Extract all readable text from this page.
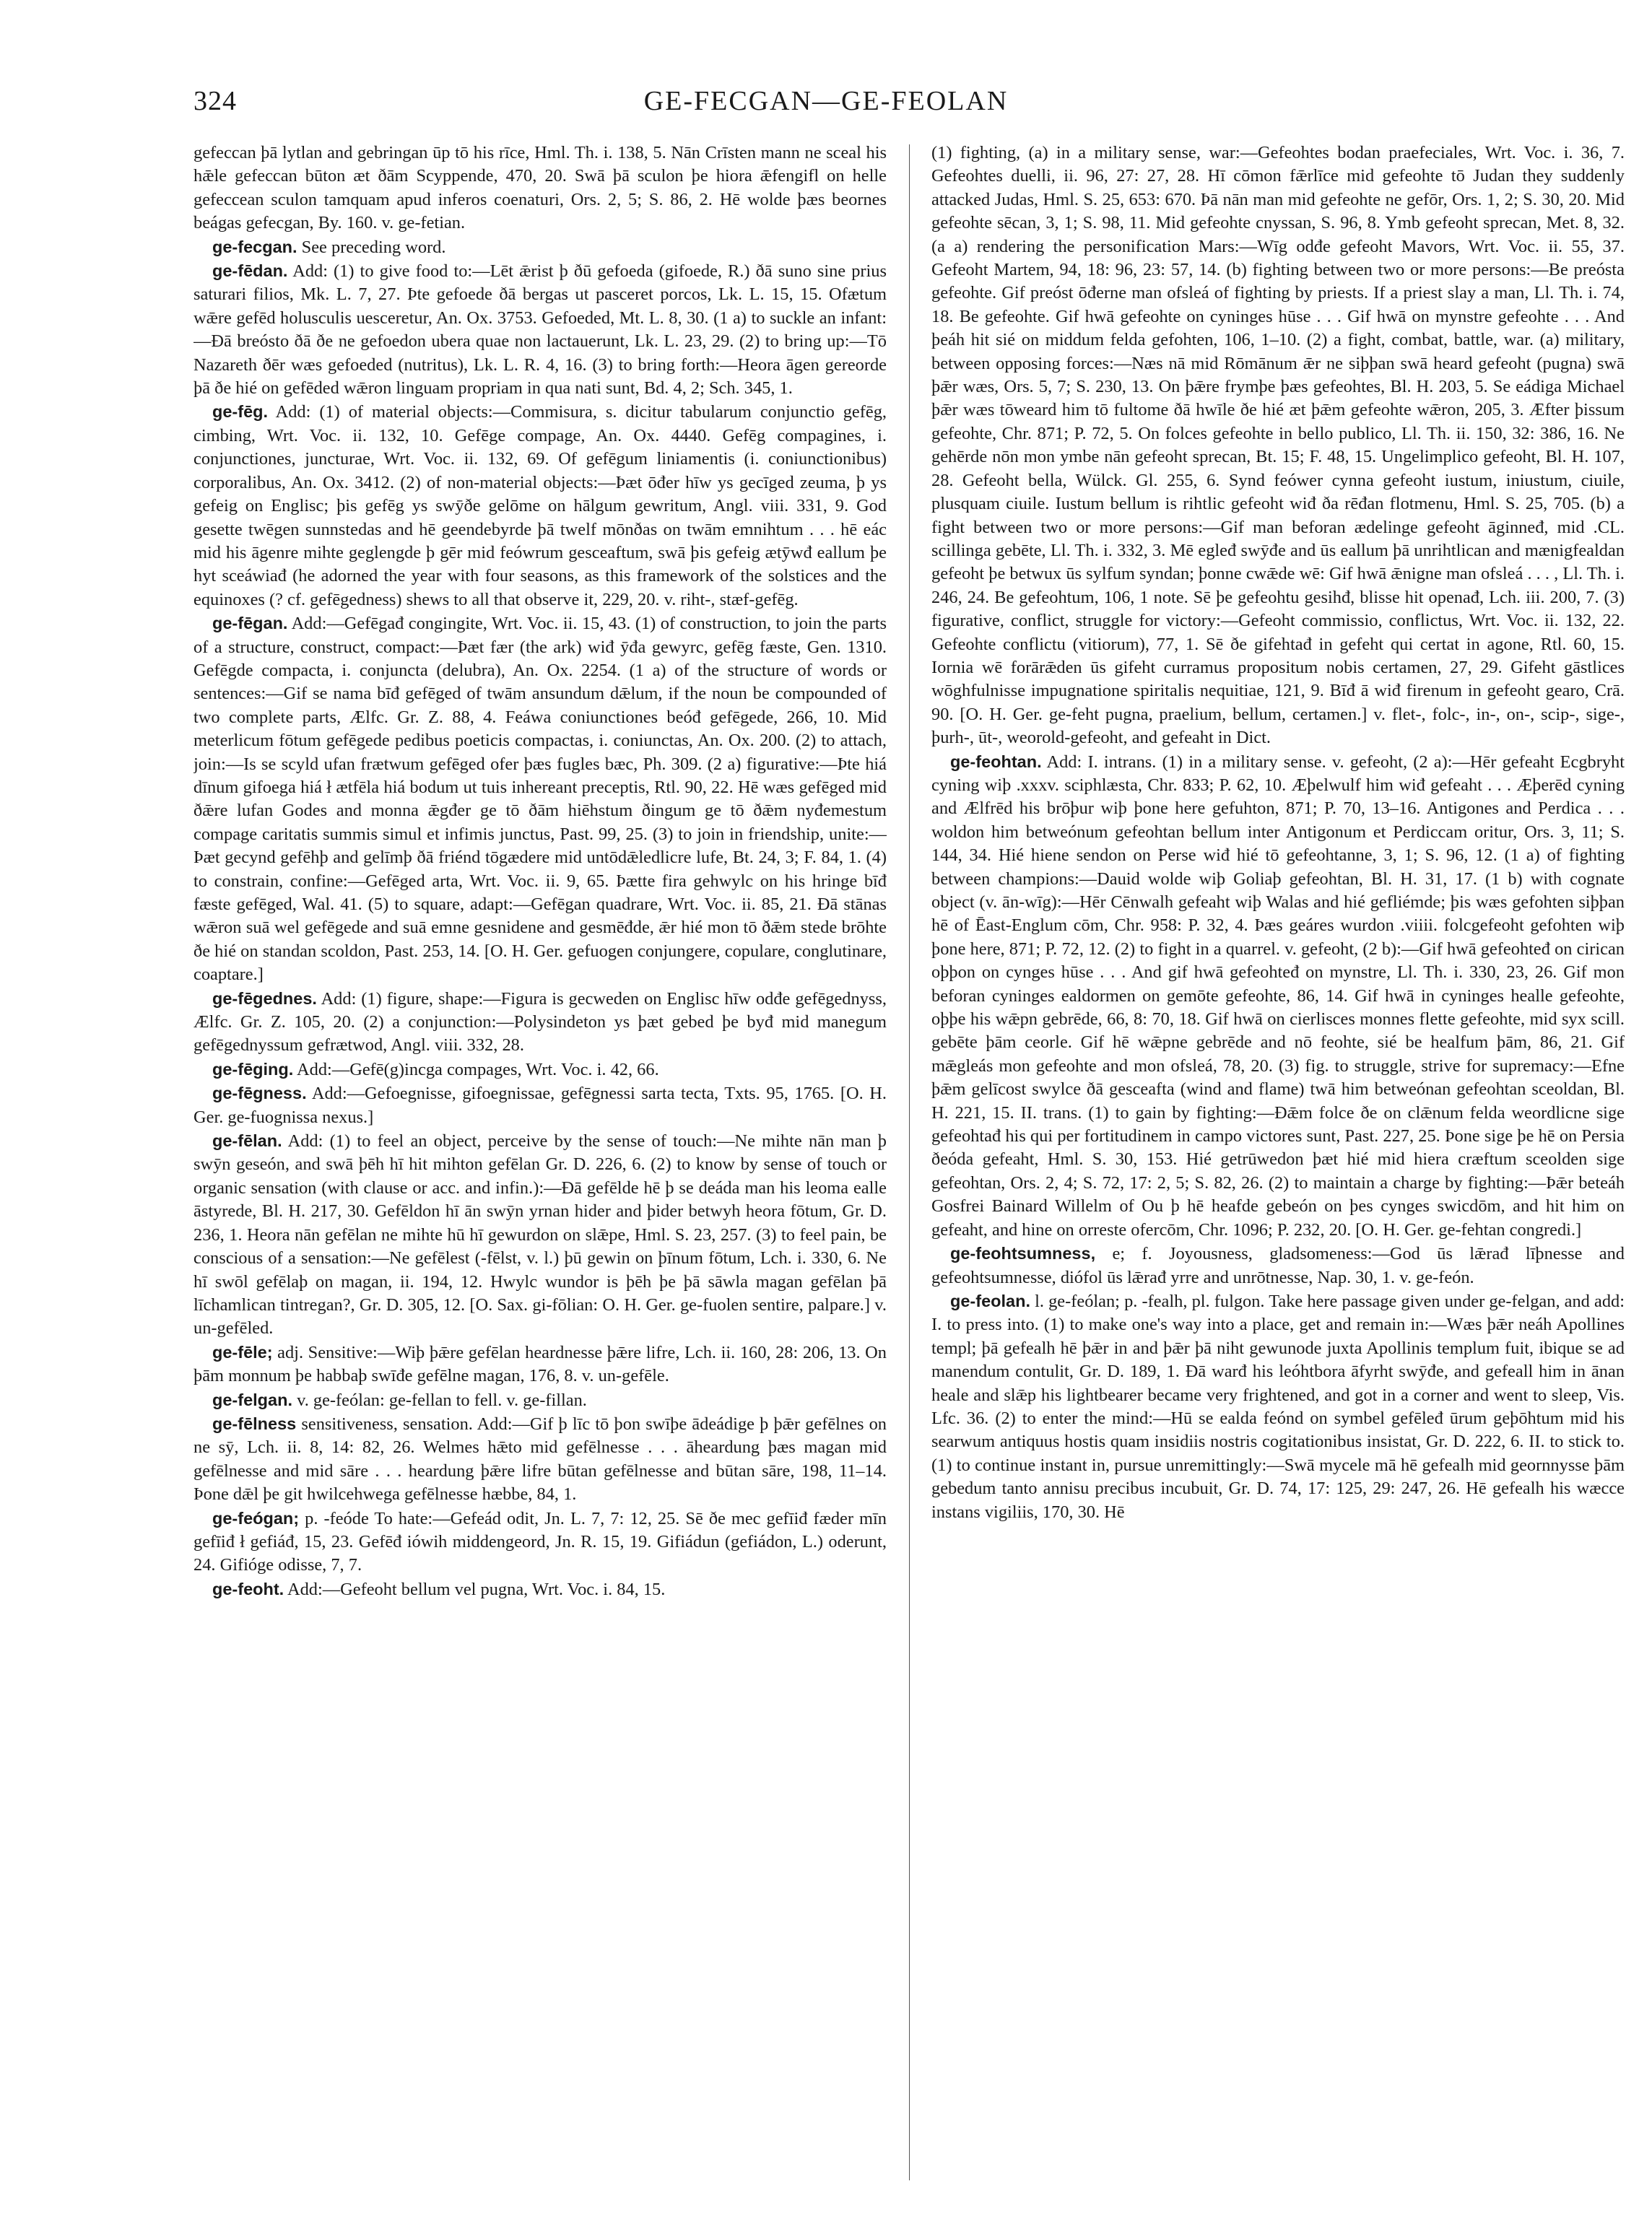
324	GE-FECGAN—GE-FEOLAN

gefeccan þā lytlan and gebringan ūp tō his rīce, Hml. Th. i. 138, 5. Nān Crīsten mann ne sceal his hǣle gefeccan būton æt ðām Scyppende, 470, 20. Swā þā sculon þe hiora ǣfengifl on helle gefeccean sculon tamquam apud inferos coenaturi, Ors. 2, 5; S. 86, 2. Hē wolde þæs beornes beágas gefecgan, By. 160. v. ge-fetian.

ge-fecgan. See preceding word.

ge-fēdan. Add: (1) to give food to:—Lēt ǣrist þ ðū gefoeda (gifoede, R.) ðā suno sine prius saturari filios, Mk. L. 7, 27. Þte gefoede ðā bergas ut pasceret porcos, Lk. L. 15, 15. Ofætum wǣre gefēd holusculis uesceretur, An. Ox. 3753. Gefoeded, Mt. L. 8, 30. (1 a) to suckle an infant:—Ðā breósto ðā ðe ne gefoedon ubera quae non lactauerunt, Lk. L. 23, 29. (2) to bring up:—Tō Nazareth ðēr wæs gefoeded (nutritus), Lk. L. R. 4, 16. (3) to bring forth:—Heora āgen gereorde þā ðe hié on gefēded wǣron linguam propriam in qua nati sunt, Bd. 4, 2; Sch. 345, 1.

ge-fēg. Add: (1) of material objects:—Commisura, s. dicitur tabularum conjunctio gefēg, cimbing, Wrt. Voc. ii. 132, 10. Gefēge compage, An. Ox. 4440. Gefēg compagines, i. conjunctiones, juncturae, Wrt. Voc. ii. 132, 69. Of gefēgum liniamentis (i. coniunctionibus) corporalibus, An. Ox. 3412. (2) of non-material objects:—Þæt ōđer hīw ys gecīged zeuma, þ ys gefeig on Englisc; þis gefēg ys swȳðe gelōme on hālgum gewritum, Angl. viii. 331, 9. God gesette twēgen sunnstedas and hē geendebyrde þā twelf mōnðas on twām emnihtum . . . hē eác mid his āgenre mihte geglengde þ gēr mid feówrum gesceaftum, swā þis gefeig ætȳwđ eallum þe hyt sceáwiađ (he adorned the year with four seasons, as this framework of the solstices and the equinoxes (? cf. gefēgedness) shews to all that observe it, 229, 20. v. riht-, stæf-gefēg.

ge-fēgan. Add:—Gefēgađ congingite, Wrt. Voc. ii. 15, 43. (1) of construction, to join the parts of a structure, construct, compact:—Þæt fær (the ark) wiđ ȳđa gewyrc, gefēg fæste, Gen. 1310. Gefēgde compacta, i. conjuncta (delubra), An. Ox. 2254. (1 a) of the structure of words or sentences:—Gif se nama bīđ gefēged of twām ansundum dǣlum, if the noun be compounded of two complete parts, Ælfc. Gr. Z. 88, 4. Feáwa coniunctiones beóđ gefēgede, 266, 10. Mid meterlicum fōtum gefēgede pedibus poeticis compactas, i. coniunctas, An. Ox. 200. (2) to attach, join:—Is se scyld ufan frætwum gefēged ofer þæs fugles bæc, Ph. 309. (2 a) figurative:—Þte hiá dīnum gifoega hiá ł ætfēla hiá bodum ut tuis inhereant preceptis, Rtl. 90, 22. Hē wæs gefēged mid ðǣre lufan Godes and monna ǣgđer ge tō ðām hiēhstum ðingum ge tō ðǣm nyđemestum compage caritatis summis simul et infimis junctus, Past. 99, 25. (3) to join in friendship, unite:—Þæt gecynd gefēhþ and gelīmþ ðā friénd tōgædere mid untōdǣledlicre lufe, Bt. 24, 3; F. 84, 1. (4) to constrain, confine:—Gefēged arta, Wrt. Voc. ii. 9, 65. Þætte fira gehwylc on his hringe bīđ fæste gefēged, Wal. 41. (5) to square, adapt:—Gefēgan quadrare, Wrt. Voc. ii. 85, 21. Ðā stānas wǣron suā wel gefēgede and suā emne gesnidene and gesmēđde, ǣr hié mon tō ðǣm stede brōhte ðe hié on standan scoldon, Past. 253, 14. [O. H. Ger. gefuogen conjungere, copulare, conglutinare, coaptare.]

ge-fēgednes. Add: (1) figure, shape:—Figura is gecweden on Englisc hīw odđe gefēgednyss, Ælfc. Gr. Z. 105, 20. (2) a conjunction:—Polysindeton ys þæt gebed þe byđ mid manegum gefēgednyssum gefrætwod, Angl. viii. 332, 28.

ge-fēging. Add:—Gefē(g)incga compages, Wrt. Voc. i. 42, 66.

ge-fēgness. Add:—Gefoegnisse, gifoegnissae, gefēgnessi sarta tecta, Txts. 95, 1765. [O. H. Ger. ge-fuognissa nexus.]

ge-fēlan. Add: (1) to feel an object, perceive by the sense of touch:—Ne mihte nān man þ swȳn geseón, and swā þēh hī hit mihton gefēlan Gr. D. 226, 6. (2) to know by sense of touch or organic sensation (with clause or acc. and infin.):—Ðā gefēlde hē þ se deáda man his leoma ealle āstyrede, Bl. H. 217, 30. Gefēldon hī ān swȳn yrnan hider and þider betwyh heora fōtum, Gr. D. 236, 1. Heora nān gefēlan ne mihte hū hī gewurdon on slǣpe, Hml. S. 23, 257. (3) to feel pain, be conscious of a sensation:—Ne gefēlest (-fēlst, v. l.) þū gewin on þīnum fōtum, Lch. i. 330, 6. Ne hī swōl gefēlaþ on magan, ii. 194, 12. Hwylc wundor is þēh þe þā sāwla magan gefēlan þā līchamlican tintregan?, Gr. D. 305, 12. [O. Sax. gi-fōlian: O. H. Ger. ge-fuolen sentire, palpare.] v. un-gefēled.

ge-fēle; adj. Sensitive:—Wiþ þǣre gefēlan heardnesse þǣre lifre, Lch. ii. 160, 28: 206, 13. On þām monnum þe habbaþ swīđe gefēlne magan, 176, 8. v. un-gefēle.

ge-felgan. v. ge-feólan: ge-fellan to fell. v. ge-fillan.

ge-fēlness sensitiveness, sensation. Add:—Gif þ līc tō þon swīþe ādeádige þ þǣr gefēlnes on ne sȳ, Lch. ii. 8, 14: 82, 26. Welmes hǣto mid gefēlnesse . . . āheardung þæs magan mid gefēlnesse and mid sāre . . . heardung þǣre lifre būtan gefēlnesse and būtan sāre, 198, 11–14. Þone dǣl þe git hwilcehwega gefēlnesse hæbbe, 84, 1.

ge-feógan; p. -feóde To hate:—Gefeád odit, Jn. L. 7, 7: 12, 25. Sē ðe mec gefīiđ fæder mīn gefīiđ ł gefiáđ, 15, 23. Gefēđ iówih middengeord, Jn. R. 15, 19. Gifiádun (gefiádon, L.) oderunt, 24. Gifióge odisse, 7, 7.

ge-feoht. Add:—Gefeoht bellum vel pugna, Wrt. Voc. i. 84, 15.

(1) fighting, (a) in a military sense, war:—Gefeohtes bodan praefeciales, Wrt. Voc. i. 36, 7. Gefeohtes duelli, ii. 96, 27: 27, 28. Hī cōmon fǣrlīce mid gefeohte tō Judan they suddenly attacked Judas, Hml. S. 25, 653: 670. Þā nān man mid gefeohte ne gefōr, Ors. 1, 2; S. 30, 20. Mid gefeohte sēcan, 3, 1; S. 98, 11. Mid gefeohte cnyssan, S. 96, 8. Ymb gefeoht sprecan, Met. 8, 32. (a a) rendering the personification Mars:—Wīg odđe gefeoht Mavors, Wrt. Voc. ii. 55, 37. Gefeoht Martem, 94, 18: 96, 23: 57, 14. (b) fighting between two or more persons:—Be preósta gefeohte. Gif preóst ōđerne man ofsleá of fighting by priests. If a priest slay a man, Ll. Th. i. 74, 18. Be gefeohte. Gif hwā gefeohte on cyninges hūse . . . Gif hwā on mynstre gefeohte . . . And þeáh hit sié on middum felda gefohten, 106, 1–10. (2) a fight, combat, battle, war. (a) military, between opposing forces:—Næs nā mid Rōmānum ǣr ne siþþan swā heard gefeoht (pugna) swā þǣr wæs, Ors. 5, 7; S. 230, 13. On þǣre frymþe þæs gefeohtes, Bl. H. 203, 5. Se eádiga Michael þǣr wæs tōweard him tō fultome ðā hwīle ðe hié æt þǣm gefeohte wǣron, 205, 3. Æfter þissum gefeohte, Chr. 871; P. 72, 5. On folces gefeohte in bello publico, Ll. Th. ii. 150, 32: 386, 16. Ne gehērde nōn mon ymbe nān gefeoht sprecan, Bt. 15; F. 48, 15. Ungelimplico gefeoht, Bl. H. 107, 28. Gefeoht bella, Wülck. Gl. 255, 6. Synd feówer cynna gefeoht iustum, iniustum, ciuile, plusquam ciuile. Iustum bellum is rihtlic gefeoht wiđ ða rēđan flotmenu, Hml. S. 25, 705. (b) a fight between two or more persons:—Gif man beforan ædelinge gefeoht āginneđ, mid .CL. scillinga gebēte, Ll. Th. i. 332, 3. Mē egleđ swȳđe and ūs eallum þā unrihtlican and mænigfealdan gefeoht þe betwux ūs sylfum syndan; þonne cwǣde wē: Gif hwā ǣnigne man ofsleá . . . , Ll. Th. i. 246, 24. Be gefeohtum, 106, 1 note. Sē þe gefeohtu gesihđ, blisse hit openađ, Lch. iii. 200, 7. (3) figurative, conflict, struggle for victory:—Gefeoht commissio, conflictus, Wrt. Voc. ii. 132, 22. Gefeohte conflictu (vitiorum), 77, 1. Sē ðe gifehtađ in gefeht qui certat in agone, Rtl. 60, 15. Iornia wē forārǣden ūs gifeht curramus propositum nobis certamen, 27, 29. Gifeht gāstlices wōghfulnisse impugnatione spiritalis nequitiae, 121, 9. Bīđ ā wiđ firenum in gefeoht gearo, Crā. 90. [O. H. Ger. ge-feht pugna, praelium, bellum, certamen.] v. flet-, folc-, in-, on-, scip-, sige-, þurh-, ūt-, weorold-gefeoht, and gefeaht in Dict.

ge-feohtan. Add: I. intrans. (1) in a military sense. v. gefeoht, (2 a):—Hēr gefeaht Ecgbryht cyning wiþ .xxxv. sciphlæsta, Chr. 833; P. 62, 10. Æþelwulf him wiđ gefeaht . . . Æþerēd cyning and Ælfrēd his brōþur wiþ þone here gefuhton, 871; P. 70, 13–16. Antigones and Perdica . . . woldon him betweónum gefeohtan bellum inter Antigonum et Perdiccam oritur, Ors. 3, 11; S. 144, 34. Hié hiene sendon on Perse wiđ hié tō gefeohtanne, 3, 1; S. 96, 12. (1 a) of fighting between champions:—Dauid wolde wiþ Goliaþ gefeohtan, Bl. H. 31, 17. (1 b) with cognate object (v. ān-wīg):—Hēr Cēnwalh gefeaht wiþ Walas and hié gefliémde; þis wæs gefohten siþþan hē of Ēast-Englum cōm, Chr. 958: P. 32, 4. Þæs geáres wurdon .viiii. folcgefeoht gefohten wiþ þone here, 871; P. 72, 12. (2) to fight in a quarrel. v. gefeoht, (2 b):—Gif hwā gefeohteđ on cirican oþþon on cynges hūse . . . And gif hwā gefeohteđ on mynstre, Ll. Th. i. 330, 23, 26. Gif mon beforan cyninges ealdormen on gemōte gefeohte, 86, 14. Gif hwā in cyninges healle gefeohte, oþþe his wǣpn gebrēde, 66, 8: 70, 18. Gif hwā on cierlisces monnes flette gefeohte, mid syx scill. gebēte þām ceorle. Gif hē wǣpne gebrēde and nō feohte, sié be healfum þām, 86, 21. Gif mǣgleás mon gefeohte and mon ofsleá, 78, 20. (3) fig. to struggle, strive for supremacy:—Efne þǣm gelīcost swylce ðā gesceafta (wind and flame) twā him betweónan gefeohtan sceoldan, Bl. H. 221, 15. II. trans. (1) to gain by fighting:—Ðǣm folce ðe on clǣnum felda weordlicne sige gefeohtađ his qui per fortitudinem in campo victores sunt, Past. 227, 25. Þone sige þe hē on Persia ðeóda gefeaht, Hml. S. 30, 153. Hié getrūwedon þæt hié mid hiera cræftum sceolden sige gefeohtan, Ors. 2, 4; S. 72, 17: 2, 5; S. 82, 26. (2) to maintain a charge by fighting:—Þǣr beteáh Gosfrei Bainard Willelm of Ou þ hē heafde gebeón on þes cynges swicdōm, and hit him on gefeaht, and hine on orreste ofercōm, Chr. 1096; P. 232, 20. [O. H. Ger. ge-fehtan congredi.]

ge-feohtsumness, e; f. Joyousness, gladsomeness:—God ūs lǣrađ līþnesse and gefeohtsumnesse, diófol ūs lǣrađ yrre and unrōtnesse, Nap. 30, 1. v. ge-feón.

ge-feolan. l. ge-feólan; p. -fealh, pl. fulgon. Take here passage given under ge-felgan, and add: I. to press into. (1) to make one's way into a place, get and remain in:—Wæs þǣr neáh Apollines templ; þā gefealh hē þǣr in and þǣr þā niht gewunode juxta Apollinis templum fuit, ibique se ad manendum contulit, Gr. D. 189, 1. Ðā warđ his leóhtbora āfyrht swȳđe, and gefeall him in ānan heale and slǣp his lightbearer became very frightened, and got in a corner and went to sleep, Vis. Lfc. 36. (2) to enter the mind:—Hū se ealda feónd on symbel gefēleđ ūrum geþōhtum mid his searwum antiquus hostis quam insidiis nostris cogitationibus insistat, Gr. D. 222, 6. II. to stick to. (1) to continue instant in, pursue unremittingly:—Swā mycele mā hē gefealh mid geornnysse þām gebedum tanto annisu precibus incubuit, Gr. D. 74, 17: 125, 29: 247, 26. Hē gefealh his wæcce instans vigiliis, 170, 30. Hē
